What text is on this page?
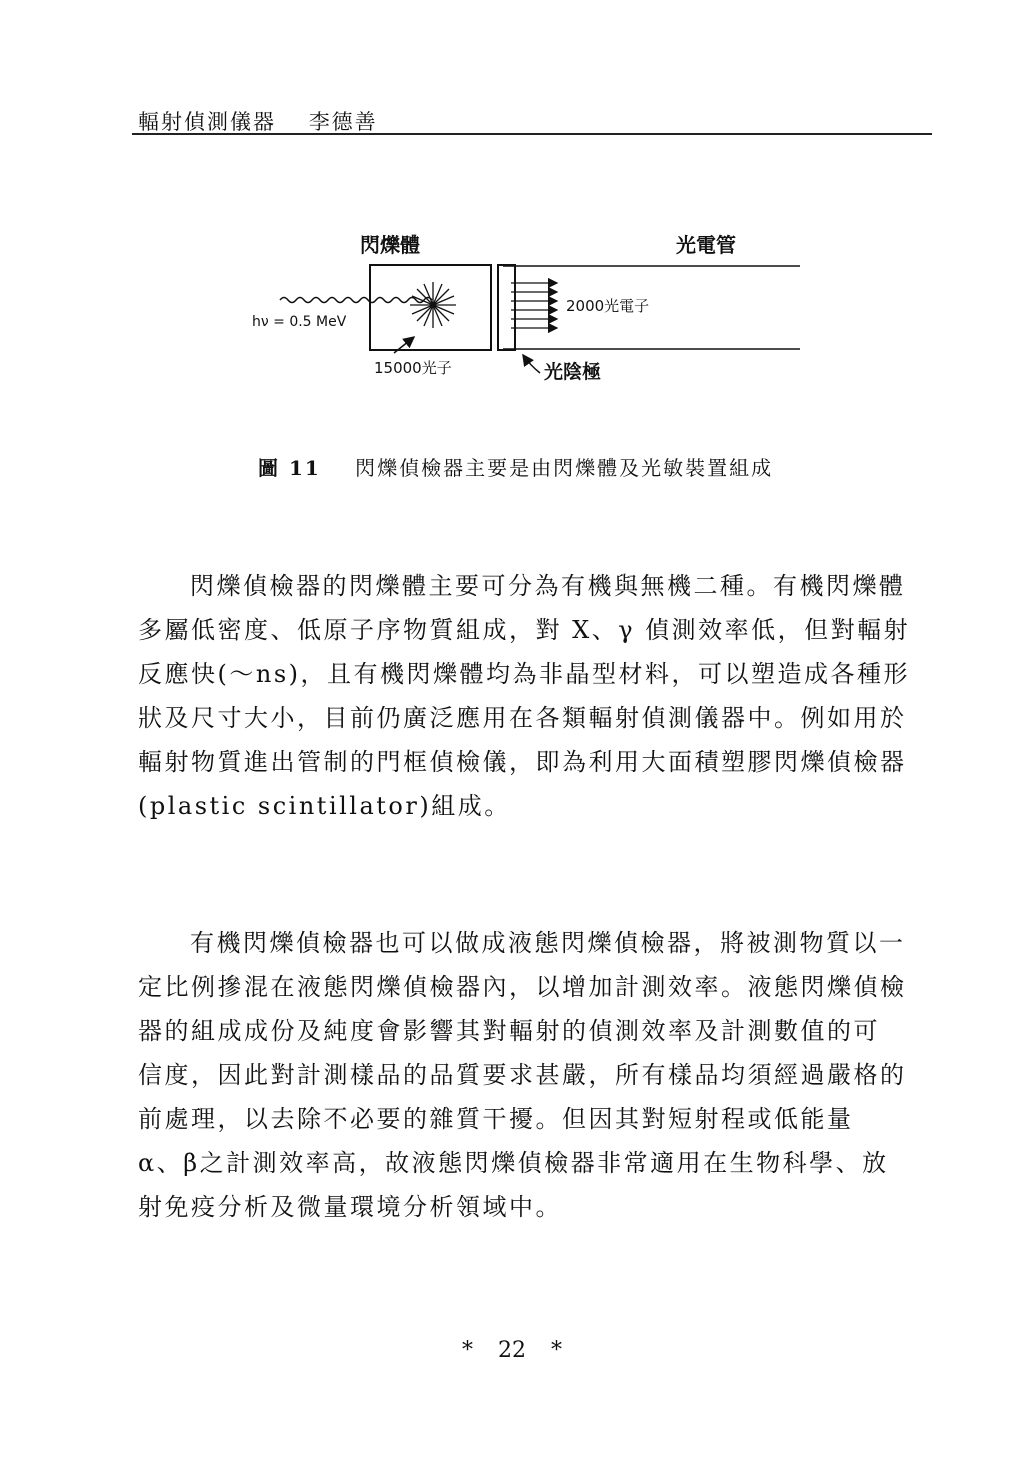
輻射偵測儀器 李德善
閃爍體	光電管
hν = 0.5 MeV
15000光子
2000光電子
光陰極
圖 11 閃爍偵檢器主要是由閃爍體及光敏裝置組成

閃爍偵檢器的閃爍體主要可分為有機與無機二種。有機閃爍體
多屬低密度、低原子序物質組成，對 X、γ 偵測效率低，但對輻射
反應快(～ns)，且有機閃爍體均為非晶型材料，可以塑造成各種形
狀及尺寸大小，目前仍廣泛應用在各類輻射偵測儀器中。例如用於
輻射物質進出管制的門框偵檢儀，即為利用大面積塑膠閃爍偵檢器
(plastic scintillator)組成。

有機閃爍偵檢器也可以做成液態閃爍偵檢器，將被測物質以一
定比例摻混在液態閃爍偵檢器內，以增加計測效率。液態閃爍偵檢
器的組成成份及純度會影響其對輻射的偵測效率及計測數值的可
信度，因此對計測樣品的品質要求甚嚴，所有樣品均須經過嚴格的
前處理，以去除不必要的雜質干擾。但因其對短射程或低能量
α、β之計測效率高，故液態閃爍偵檢器非常適用在生物科學、放
射免疫分析及微量環境分析領域中。

* 22 *
